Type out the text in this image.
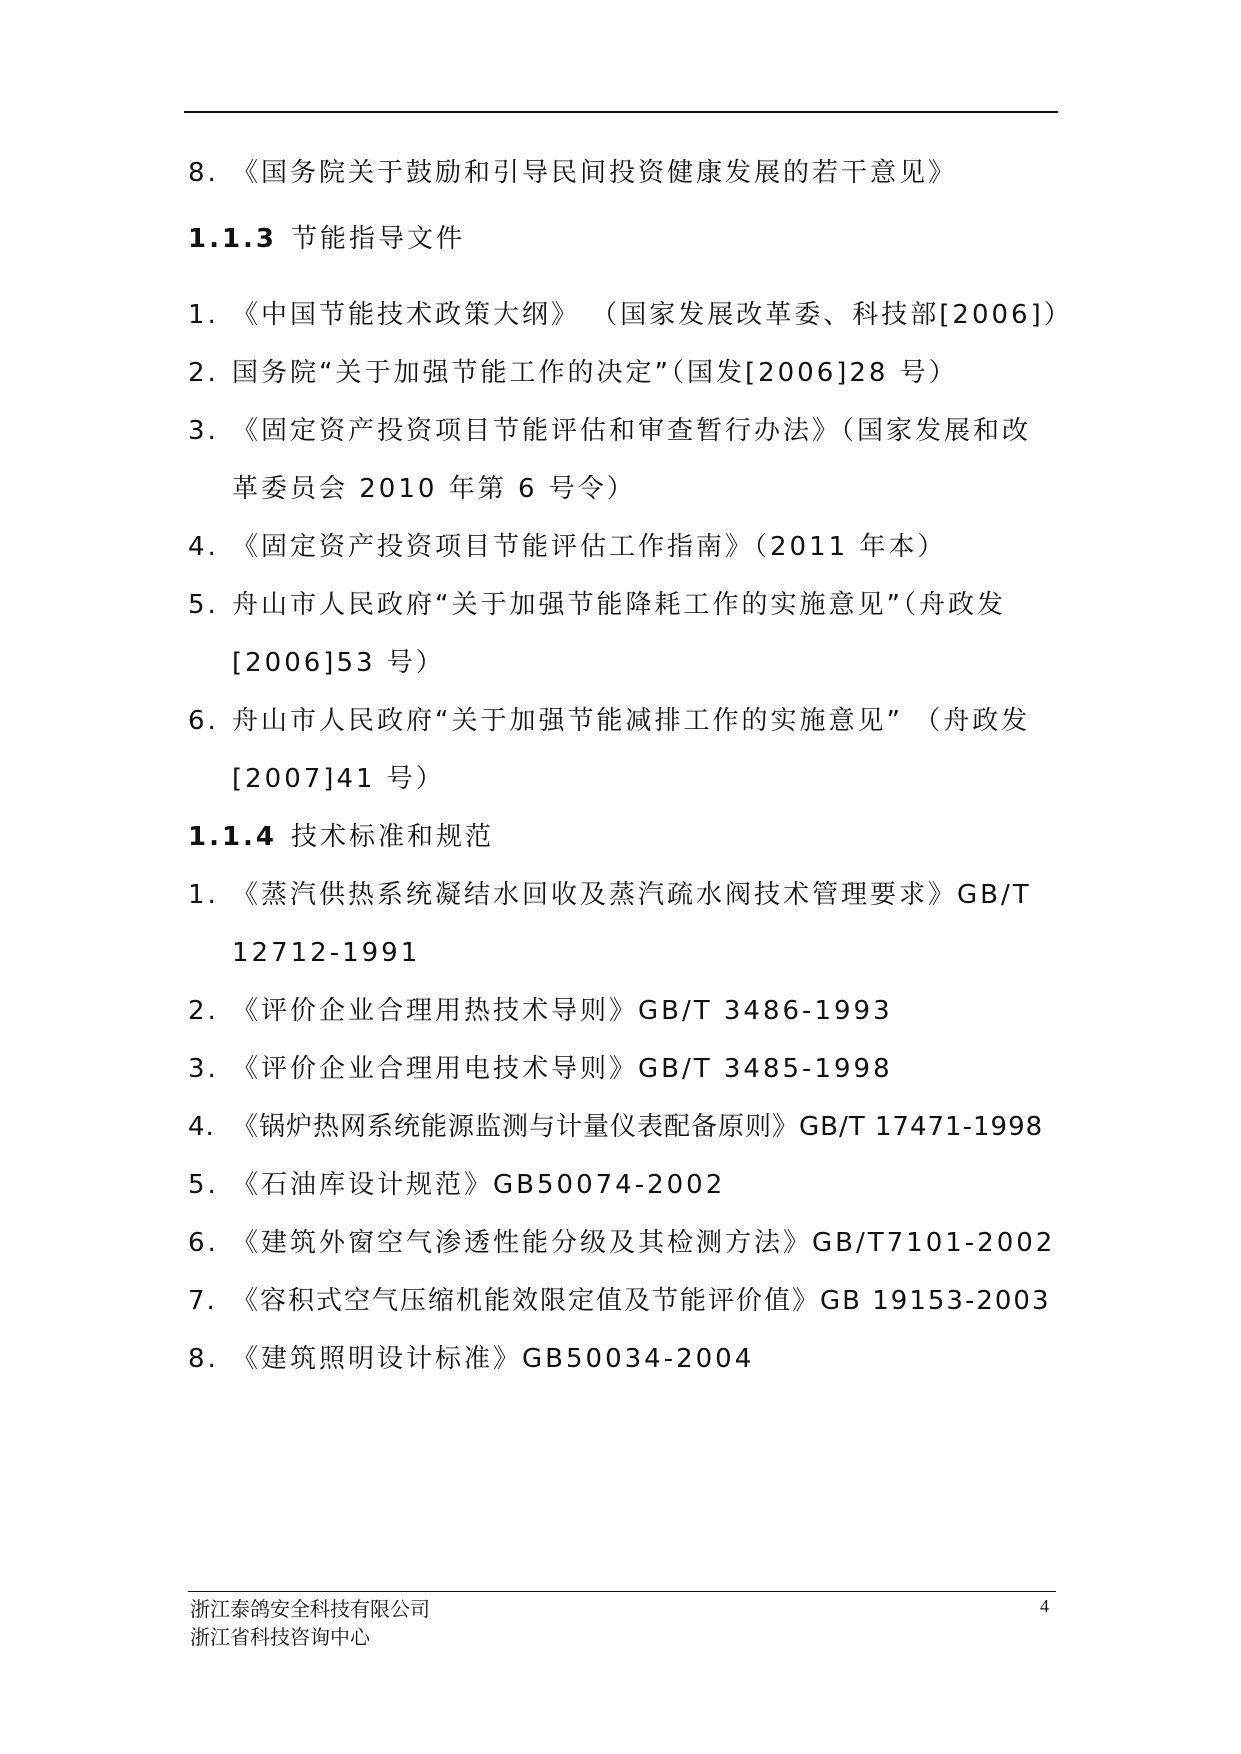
8. 《国务院关于鼓励和引导民间投资健康发展的若干意见》
1.1.3 节能指导文件
1. 《中国节能技术政策大纲》 （国家发展改革委、科技部[2006]）
2. 国务院“关于加强节能工作的决定”（国发[2006]28 号）
3. 《固定资产投资项目节能评估和审查暂行办法》（国家发展和改
革委员会 2010 年第 6 号令）
4. 《固定资产投资项目节能评估工作指南》（2011 年本）
5. 舟山市人民政府“关于加强节能降耗工作的实施意见”（舟政发
[2006]53 号）
6. 舟山市人民政府“关于加强节能减排工作的实施意见” （舟政发
[2007]41 号）
1.1.4 技术标准和规范
1. 《蒸汽供热系统凝结水回收及蒸汽疏水阀技术管理要求》GB/T
12712-1991
2. 《评价企业合理用热技术导则》GB/T 3486-1993
3. 《评价企业合理用电技术导则》GB/T 3485-1998
4. 《锅炉热网系统能源监测与计量仪表配备原则》GB/T 17471-1998
5. 《石油库设计规范》GB50074-2002
6. 《建筑外窗空气渗透性能分级及其检测方法》GB/T7101-2002
7. 《容积式空气压缩机能效限定值及节能评价值》GB 19153-2003
8. 《建筑照明设计标准》GB50034-2004
浙江泰鸽安全科技有限公司
浙江省科技咨询中心
4
